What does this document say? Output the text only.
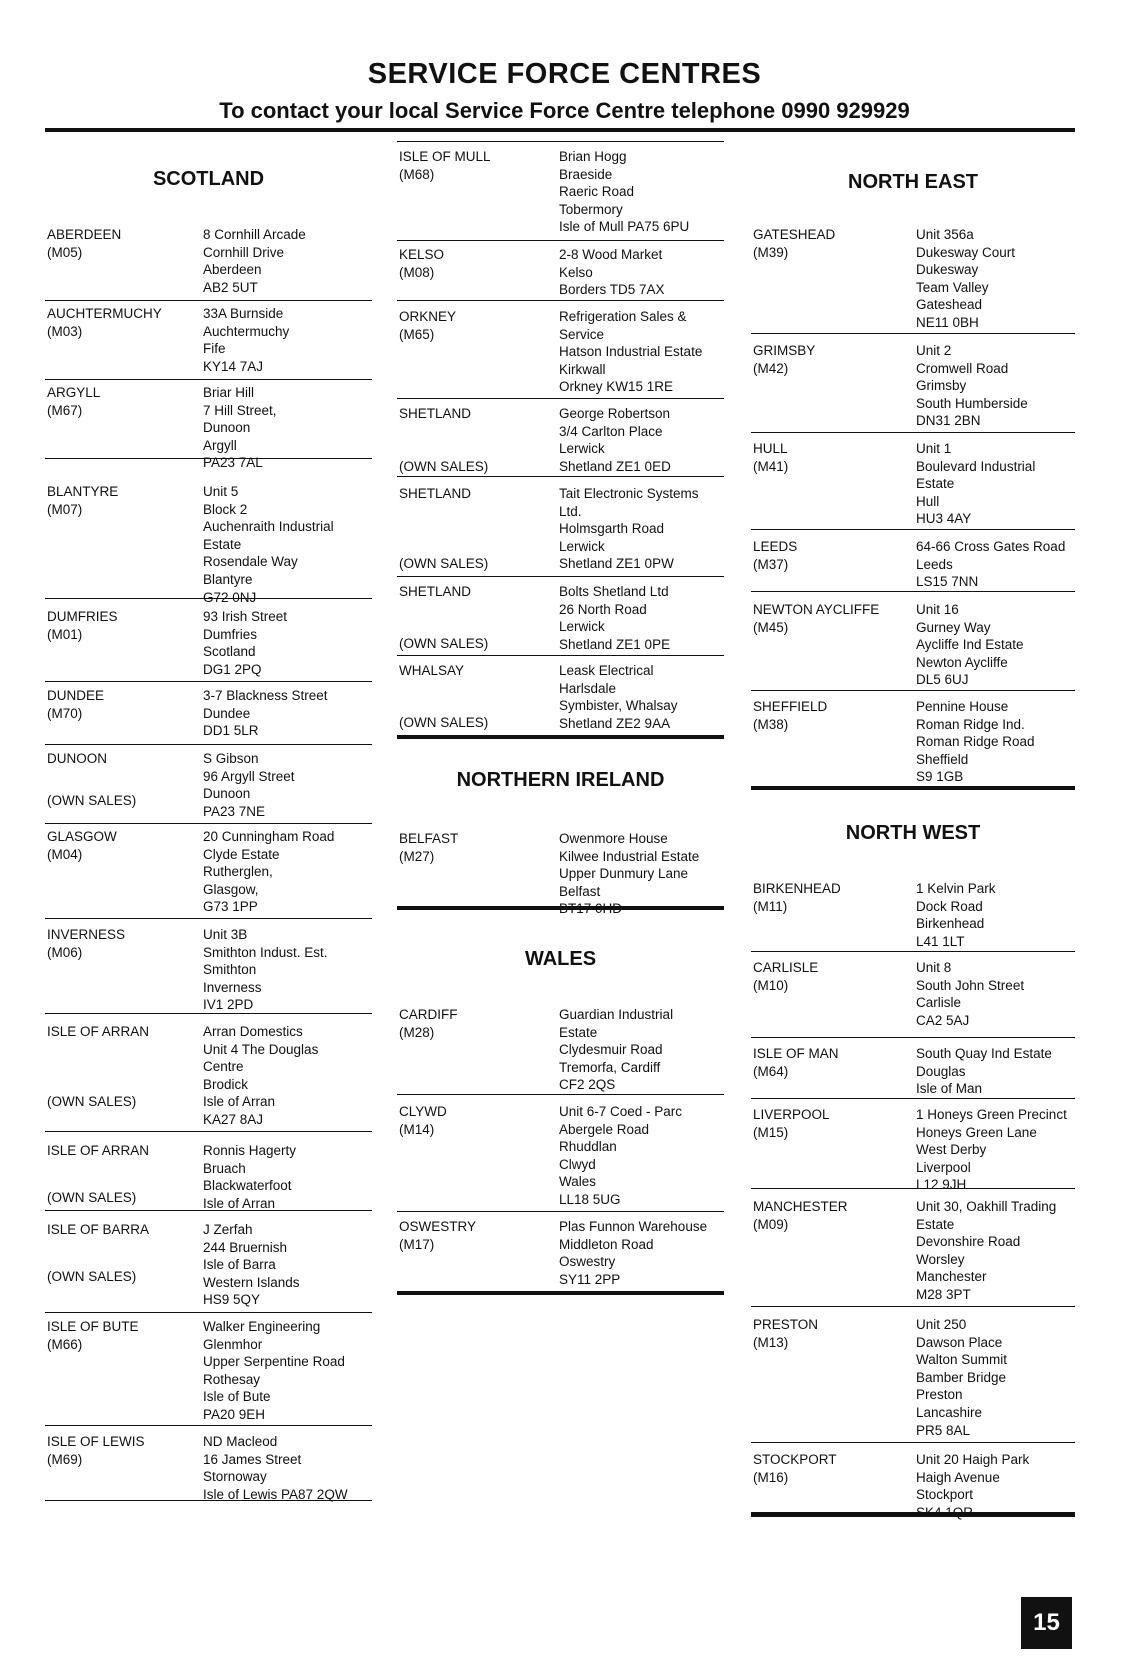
SERVICE FORCE CENTRES
To contact your local Service Force Centre telephone 0990 929929
SCOTLAND
ABERDEEN
(M05)
8 Cornhill Arcade
Cornhill Drive
Aberdeen
AB2 5UT
AUCHTERMUCHY
(M03)
33A Burnside
Auchtermuchy
Fife
KY14 7AJ
ARGYLL
(M67)
Briar Hill
7 Hill Street,
Dunoon
Argyll
PA23 7AL
BLANTYRE
(M07)
Unit 5
Block 2
Auchenraith Industrial
Estate
Rosendale Way
Blantyre
G72 0NJ
DUMFRIES
(M01)
93 Irish Street
Dumfries
Scotland
DG1 2PQ
DUNDEE
(M70)
3-7 Blackness Street
Dundee
DD1 5LR
DUNOON
(OWN SALES)
S Gibson
96 Argyll Street
Dunoon
PA23 7NE
GLASGOW
(M04)
20 Cunningham Road
Clyde Estate
Rutherglen,
Glasgow,
G73 1PP
INVERNESS
(M06)
Unit 3B
Smithton Indust. Est.
Smithton
Inverness
IV1 2PD
ISLE OF ARRAN
(OWN SALES)
Arran Domestics
Unit 4 The Douglas
Centre
Brodick
Isle of Arran
KA27 8AJ
ISLE OF ARRAN
(OWN SALES)
Ronnis Hagerty
Bruach
Blackwaterfoot
Isle of Arran
ISLE OF BARRA
(OWN SALES)
J Zerfah
244 Bruernish
Isle of Barra
Western Islands
HS9 5QY
ISLE OF BUTE
(M66)
Walker Engineering
Glenmhor
Upper Serpentine Road
Rothesay
Isle of Bute
PA20 9EH
ISLE OF LEWIS
(M69)
ND Macleod
16 James Street
Stornoway
Isle of Lewis PA87 2QW
ISLE OF MULL
(M68)
Brian Hogg
Braeside
Raeric Road
Tobermory
Isle of Mull PA75 6PU
KELSO
(M08)
2-8 Wood Market
Kelso
Borders TD5 7AX
ORKNEY
(M65)
Refrigeration Sales &
Service
Hatson Industrial Estate
Kirkwall
Orkney KW15 1RE
SHETLAND
(OWN SALES)
George Robertson
3/4 Carlton Place
Lerwick
Shetland ZE1 0ED
SHETLAND
(OWN SALES)
Tait Electronic Systems
Ltd.
Holmsgarth Road
Lerwick
Shetland ZE1 0PW
SHETLAND
(OWN SALES)
Bolts Shetland Ltd
26 North Road
Lerwick
Shetland ZE1 0PE
WHALSAY
(OWN SALES)
Leask Electrical
Harlsdale
Symbister, Whalsay
Shetland ZE2 9AA
NORTHERN IRELAND
BELFAST
(M27)
Owenmore House
Kilwee Industrial Estate
Upper Dunmury Lane
Belfast
BT17 0HD
WALES
CARDIFF
(M28)
Guardian Industrial
Estate
Clydesmuir Road
Tremorfa, Cardiff
CF2 2QS
CLYWD
(M14)
Unit 6-7 Coed - Parc
Abergele Road
Rhuddlan
Clwyd
Wales
LL18 5UG
OSWESTRY
(M17)
Plas Funnon Warehouse
Middleton Road
Oswestry
SY11 2PP
NORTH EAST
GATESHEAD
(M39)
Unit 356a
Dukesway Court
Dukesway
Team Valley
Gateshead
NE11 0BH
GRIMSBY
(M42)
Unit 2
Cromwell Road
Grimsby
South Humberside
DN31 2BN
HULL
(M41)
Unit 1
Boulevard Industrial
Estate
Hull
HU3 4AY
LEEDS
(M37)
64-66 Cross Gates Road
Leeds
LS15 7NN
NEWTON AYCLIFFE
(M45)
Unit 16
Gurney Way
Aycliffe Ind Estate
Newton Aycliffe
DL5 6UJ
SHEFFIELD
(M38)
Pennine House
Roman Ridge Ind.
Roman Ridge Road
Sheffield
S9 1GB
NORTH WEST
BIRKENHEAD
(M11)
1 Kelvin Park
Dock Road
Birkenhead
L41 1LT
CARLISLE
(M10)
Unit 8
South John Street
Carlisle
CA2 5AJ
ISLE OF MAN
(M64)
South Quay Ind Estate
Douglas
Isle of Man
LIVERPOOL
(M15)
1 Honeys Green Precinct
Honeys Green Lane
West Derby
Liverpool
L12 9JH
MANCHESTER
(M09)
Unit 30, Oakhill Trading
Estate
Devonshire Road
Worsley
Manchester
M28 3PT
PRESTON
(M13)
Unit 250
Dawson Place
Walton Summit
Bamber Bridge
Preston
Lancashire
PR5 8AL
STOCKPORT
(M16)
Unit 20 Haigh Park
Haigh Avenue
Stockport
SK4 1QR
15
